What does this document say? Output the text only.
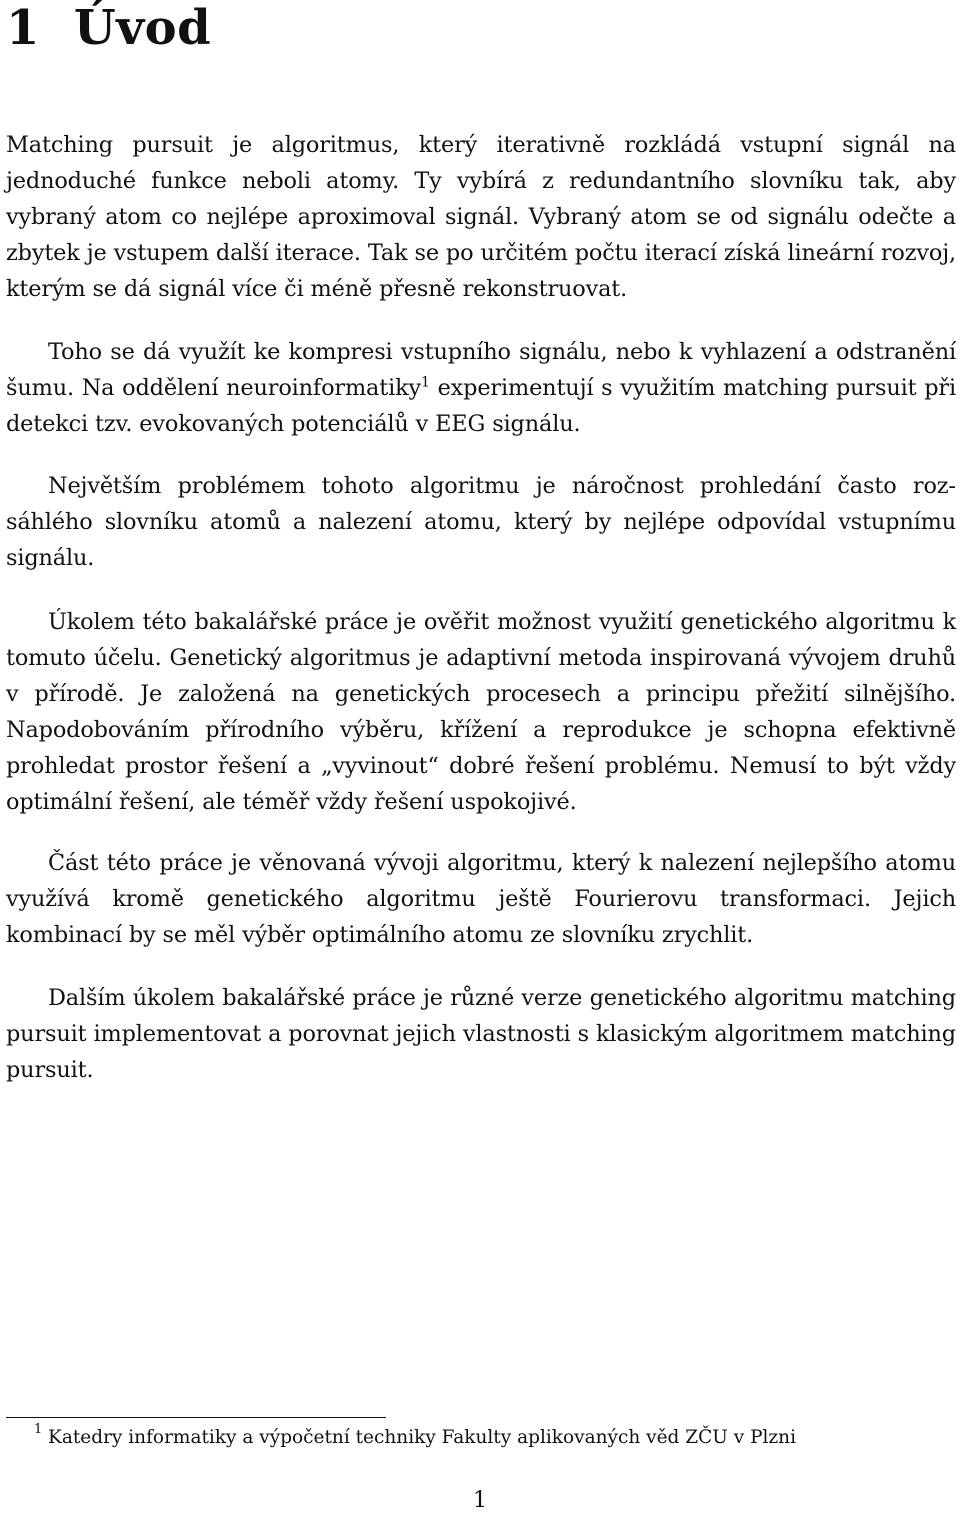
1 Úvod

Matching pursuit je algoritmus, který iterativně rozkládá vstupní signál na jednoduché funkce neboli atomy. Ty vybírá z redundantního slovníku tak, aby vybraný atom co nejlépe aproximoval signál. Vybraný atom se od signálu odečte a zbytek je vstupem další iterace. Tak se po určitém počtu iterací získá lineární rozvoj, kterým se dá signál více či méně přesně rekonstruovat.

Toho se dá využít ke kompresi vstupního signálu, nebo k vyhlazení a odstranění šumu. Na oddělení neuroinformatiky$^1$ experimentují s využitím matching pursuit při detekci tzv. evokovaných potenciálů v EEG signálu.

Největším problémem tohoto algoritmu je náročnost prohledání často rozsáhlého slovníku atomů a nalezení atomu, který by nejlépe odpovídal vstupnímu signálu.

Úkolem této bakalářské práce je ověřit možnost využití genetického algoritmu k tomuto účelu. Genetický algoritmus je adaptivní metoda inspirovaná vývojem druhů v přírodě. Je založená na genetických procesech a principu přežití silnějšího. Napodobováním přírodního výběru, křížení a reprodukce je schopna efektivně prohledat prostor řešení a „vyvinout“ dobré řešení problému. Nemusí to být vždy optimální řešení, ale téměř vždy řešení uspokojivé.

Část této práce je věnovaná vývoji algoritmu, který k nalezení nejlepšího atomu využívá kromě genetického algoritmu ještě Fourierovu transformaci. Jejich kombinací by se měl výběr optimálního atomu ze slovníku zrychlit.

Dalším úkolem bakalářské práce je různé verze genetického algoritmu matching pursuit implementovat a porovnat jejich vlastnosti s klasickým algoritmem matching pursuit.

1 Katedry informatiky a výpočetní techniky Fakulty aplikovaných věd ZČU v Plzni

1
